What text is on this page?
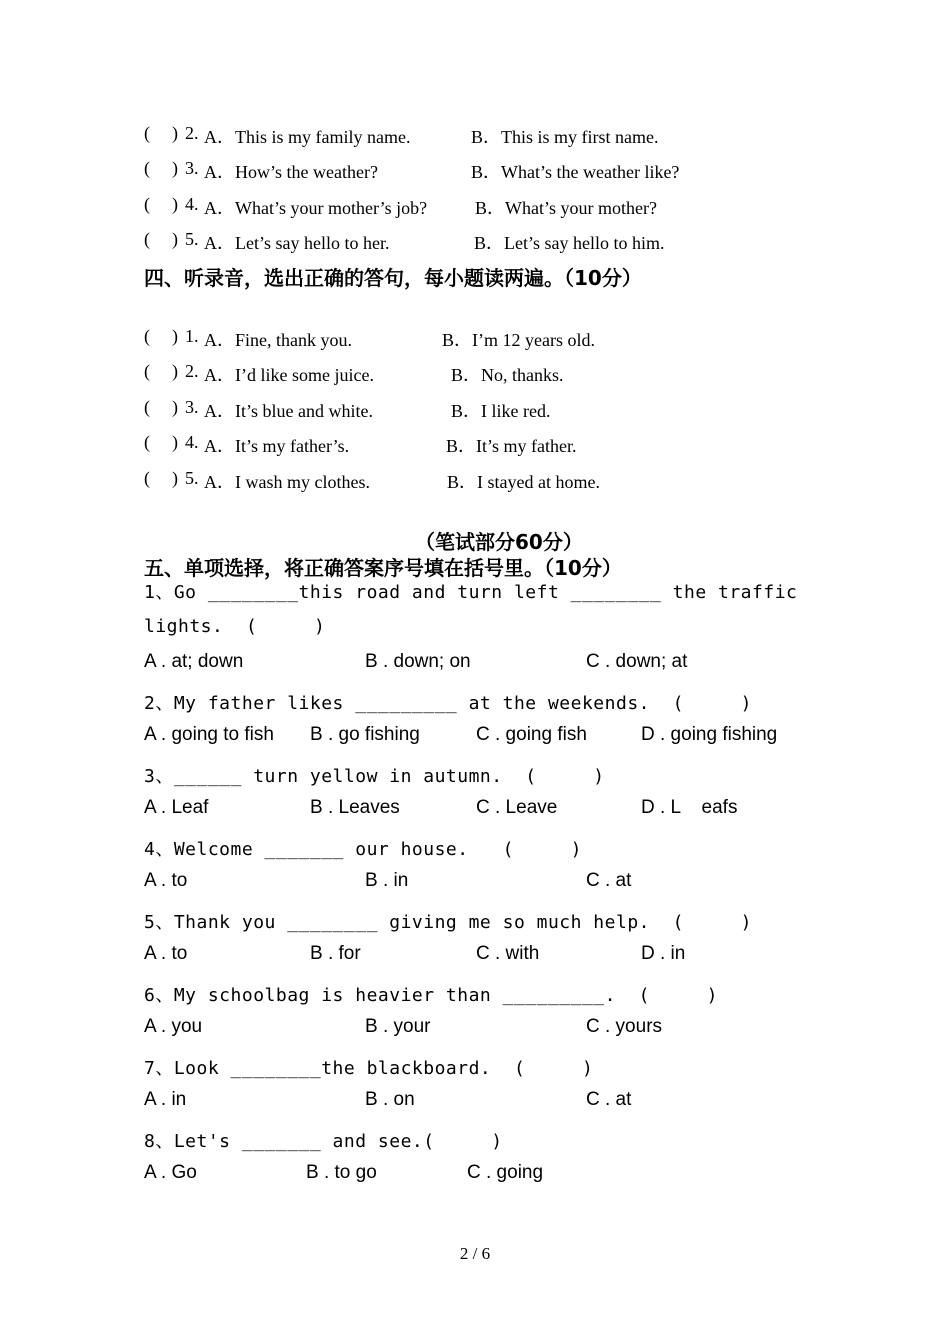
( ) 2. A．This is my family name.	B．This is my first name.
( ) 3. A．How’s the weather?	B．What’s the weather like?
( ) 4. A．What’s your mother’s job?	B．What’s your mother?
( ) 5. A．Let’s say hello to her.	B．Let’s say hello to him.
四、听录音，选出正确的答句，每小题读两遍。（10分）
( ) 1. A．Fine, thank you.	B．I’m 12 years old.
( ) 2. A．I’d like some juice.	B．No, thanks.
( ) 3. A．It’s blue and white.	B．I like red.
( ) 4. A．It’s my father’s.	B．It’s my father.
( ) 5. A．I wash my clothes.	B．I stayed at home.
（笔试部分60分）
五、单项选择，将正确答案序号填在括号里。（10分）
1、Go ________this road and turn left ________ the traffic
lights.  (     )
A . at; down	B . down; on	C . down; at
2、My father likes _________ at the weekends.  (     )
A . going to fish B . go fishing	C . going fish	D . going fishing
3、______ turn yellow in autumn.  (     )
A . Leaf	B . Leaves	C . Leave	D . L    eafs
4、Welcome _______ our house.   (     )
A . to	B . in	C . at
5、Thank you ________ giving me so much help.  (     )
A . to	B . for	C . with	D . in
6、My schoolbag is heavier than _________.  (     )
A . you	B . your	C . yours
7、Look ________the blackboard.  (     )
A . in	B . on	C . at
8、Let's _______ and see.(     )
A . Go	B . to go	C . going
2 / 6
